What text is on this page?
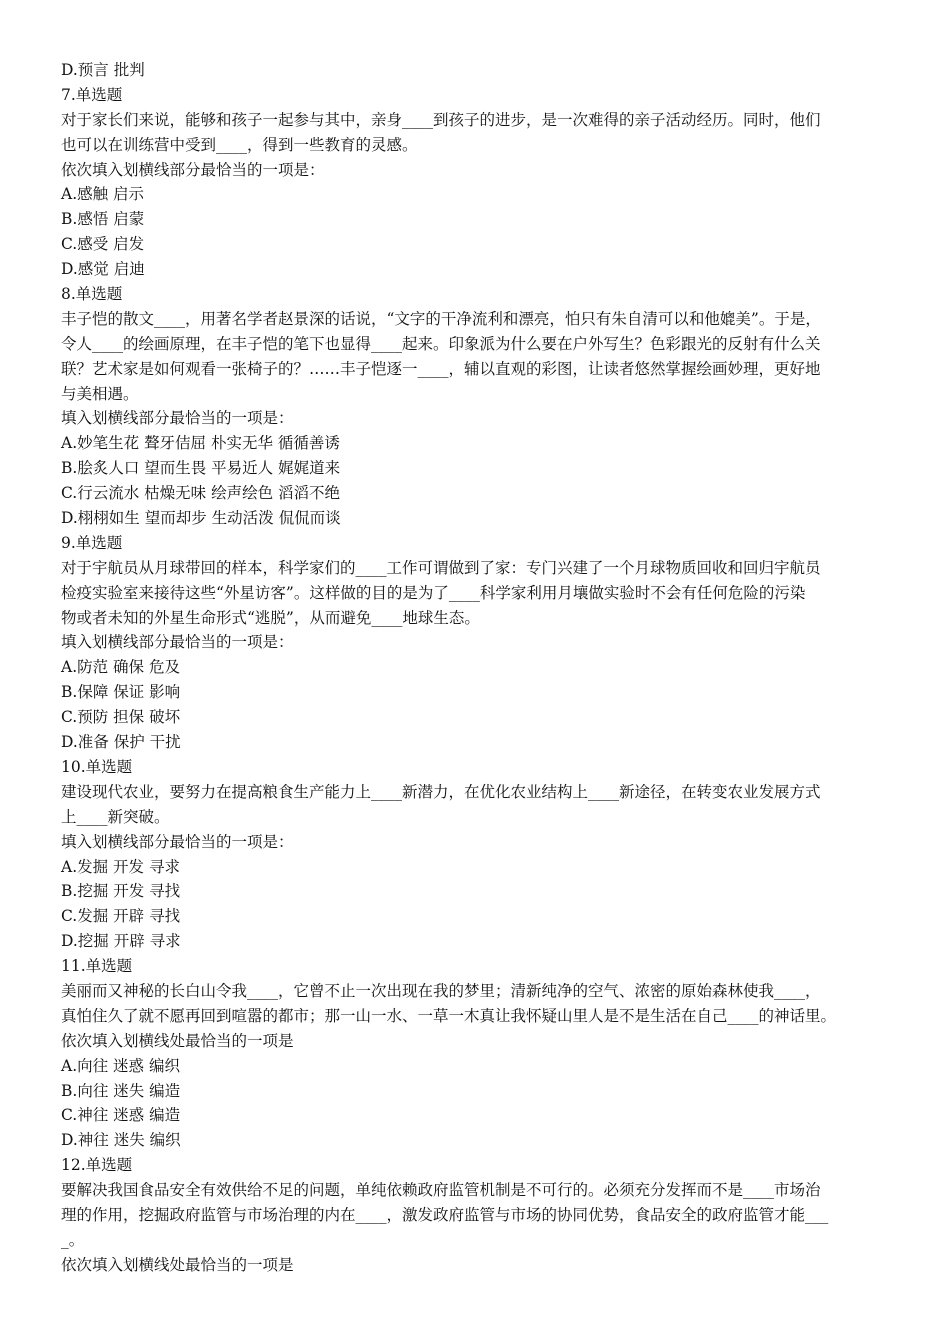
D.预言 批判
7.单选题
对于家长们来说，能够和孩子一起参与其中，亲身____到孩子的进步，是一次难得的亲子活动经历。同时，他们
也可以在训练营中受到____，得到一些教育的灵感。
依次填入划横线部分最恰当的一项是：
A.感触 启示
B.感悟 启蒙
C.感受 启发
D.感觉 启迪
8.单选题
丰子恺的散文____，用著名学者赵景深的话说，“文字的干净流利和漂亮，怕只有朱自清可以和他媲美”。于是，
令人____的绘画原理，在丰子恺的笔下也显得____起来。印象派为什么要在户外写生？色彩跟光的反射有什么关
联？艺术家是如何观看一张椅子的？……丰子恺逐一____，辅以直观的彩图，让读者悠然掌握绘画妙理，更好地
与美相遇。
填入划横线部分最恰当的一项是：
A.妙笔生花 聱牙佶屈 朴实无华 循循善诱
B.脍炙人口 望而生畏 平易近人 娓娓道来
C.行云流水 枯燥无味 绘声绘色 滔滔不绝
D.栩栩如生 望而却步 生动活泼 侃侃而谈
9.单选题
对于宇航员从月球带回的样本，科学家们的____工作可谓做到了家：专门兴建了一个月球物质回收和回归宇航员
检疫实验室来接待这些“外星访客”。这样做的目的是为了____科学家利用月壤做实验时不会有任何危险的污染
物或者未知的外星生命形式“逃脱”，从而避免____地球生态。
填入划横线部分最恰当的一项是：
A.防范 确保 危及
B.保障 保证 影响
C.预防 担保 破坏
D.准备 保护 干扰
10.单选题
建设现代农业，要努力在提高粮食生产能力上____新潜力，在优化农业结构上____新途径，在转变农业发展方式
上____新突破。
填入划横线部分最恰当的一项是：
A.发掘 开发 寻求
B.挖掘 开发 寻找
C.发掘 开辟 寻找
D.挖掘 开辟 寻求
11.单选题
美丽而又神秘的长白山令我____，它曾不止一次出现在我的梦里；清新纯净的空气、浓密的原始森林使我____，
真怕住久了就不愿再回到喧嚣的都市；那一山一水、一草一木真让我怀疑山里人是不是生活在自己____的神话里。
依次填入划横线处最恰当的一项是
A.向往 迷惑 编织
B.向往 迷失 编造
C.神往 迷惑 编造
D.神往 迷失 编织
12.单选题
要解决我国食品安全有效供给不足的问题，单纯依赖政府监管机制是不可行的。必须充分发挥而不是____市场治
理的作用，挖掘政府监管与市场治理的内在____，激发政府监管与市场的协同优势，食品安全的政府监管才能___
_。
依次填入划横线处最恰当的一项是
